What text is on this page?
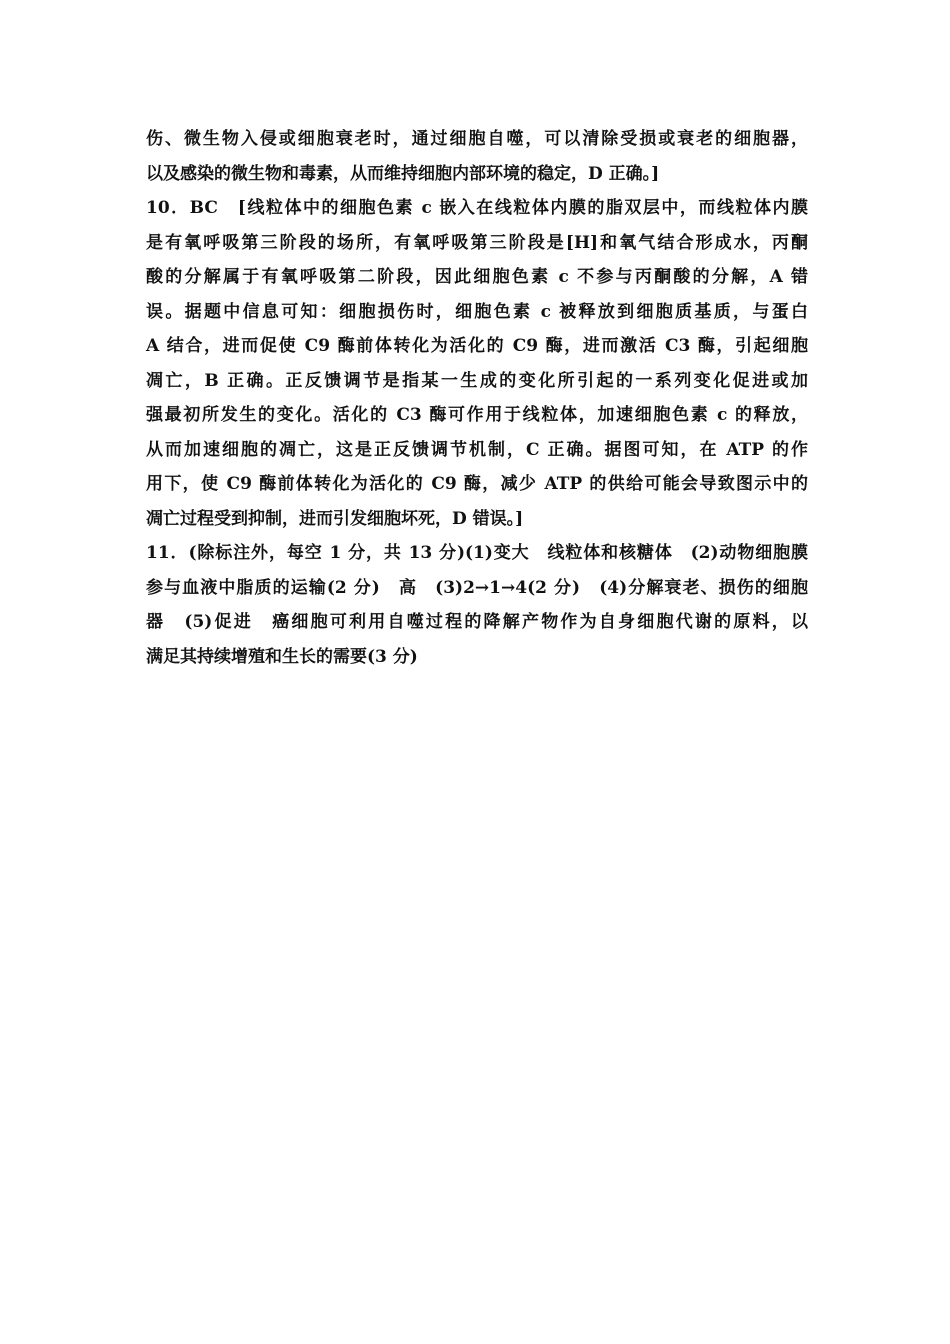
伤、微生物入侵或细胞衰老时，通过细胞自噬，可以清除受损或衰老的细胞器，
以及感染的微生物和毒素，从而维持细胞内部环境的稳定，D 正确。]
10．BC　[线粒体中的细胞色素 c 嵌入在线粒体内膜的脂双层中，而线粒体内膜
是有氧呼吸第三阶段的场所，有氧呼吸第三阶段是[H]和氧气结合形成水，丙酮
酸的分解属于有氧呼吸第二阶段，因此细胞色素 c 不参与丙酮酸的分解，A 错
误。据题中信息可知：细胞损伤时，细胞色素 c 被释放到细胞质基质，与蛋白
A 结合，进而促使 C9 酶前体转化为活化的 C9 酶，进而激活 C3 酶，引起细胞
凋亡，B 正确。正反馈调节是指某一生成的变化所引起的一系列变化促进或加
强最初所发生的变化。活化的 C3 酶可作用于线粒体，加速细胞色素 c 的释放，
从而加速细胞的凋亡，这是正反馈调节机制，C 正确。据图可知，在 ATP 的作
用下，使 C9 酶前体转化为活化的 C9 酶，减少 ATP 的供给可能会导致图示中的
凋亡过程受到抑制，进而引发细胞坏死，D 错误。]
11．(除标注外，每空 1 分，共 13 分)(1)变大　线粒体和核糖体　(2)动物细胞膜
参与血液中脂质的运输(2 分)　高　(3)2→1→4(2 分)　(4)分解衰老、损伤的细胞
器　(5)促进　癌细胞可利用自噬过程的降解产物作为自身细胞代谢的原料，以
满足其持续增殖和生长的需要(3 分)
